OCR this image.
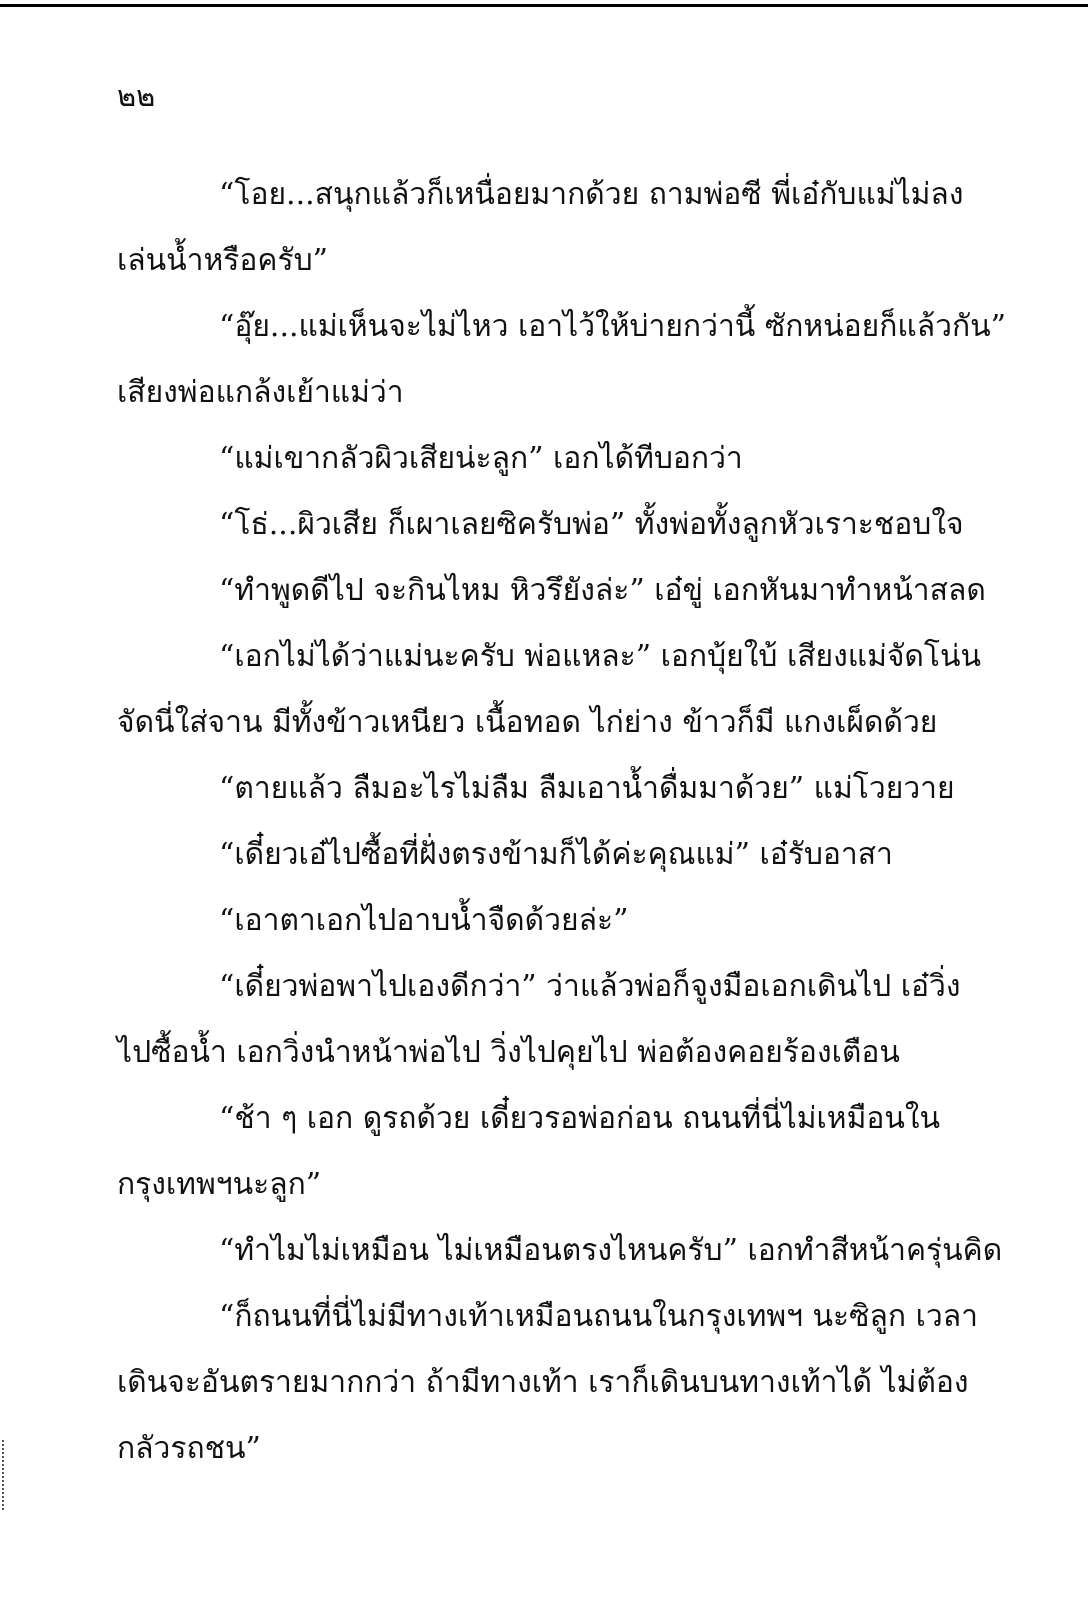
๒๒

“โอย...สนุกแล้วก็เหนื่อยมากด้วย ถามพ่อซี พี่เอ๋กับแม่ไม่ลง
เล่นน้ำหรือครับ”

“อุ๊ย...แม่เห็นจะไม่ไหว เอาไว้ให้บ่ายกว่านี้ ซักหน่อยก็แล้วกัน”
เสียงพ่อแกล้งเย้าแม่ว่า

“แม่เขากลัวผิวเสียน่ะลูก” เอกได้ทีบอกว่า

“โธ่...ผิวเสีย ก็เผาเลยซิครับพ่อ” ทั้งพ่อทั้งลูกหัวเราะชอบใจ

“ทำพูดดีไป จะกินไหม หิวรึยังล่ะ” เอ๋ขู่ เอกหันมาทำหน้าสลด

“เอกไม่ได้ว่าแม่นะครับ พ่อแหละ” เอกบุ้ยใบ้ เสียงแม่จัดโน่น
จัดนี่ใส่จาน มีทั้งข้าวเหนียว เนื้อทอด ไก่ย่าง ข้าวก็มี แกงเผ็ดด้วย

“ตายแล้ว ลืมอะไรไม่ลืม ลืมเอาน้ำดื่มมาด้วย” แม่โวยวาย

“เดี๋ยวเอ๋ไปซื้อที่ฝั่งตรงข้ามก็ได้ค่ะคุณแม่” เอ๋รับอาสา

“เอาตาเอกไปอาบน้ำจืดด้วยล่ะ”

“เดี๋ยวพ่อพาไปเองดีกว่า” ว่าแล้วพ่อก็จูงมือเอกเดินไป เอ๋วิ่ง
ไปซื้อน้ำ เอกวิ่งนำหน้าพ่อไป วิ่งไปคุยไป พ่อต้องคอยร้องเตือน

“ช้า ๆ เอก ดูรถด้วย เดี๋ยวรอพ่อก่อน ถนนที่นี่ไม่เหมือนใน
กรุงเทพฯนะลูก”

“ทำไมไม่เหมือน ไม่เหมือนตรงไหนครับ” เอกทำสีหน้าครุ่นคิด

“ก็ถนนที่นี่ไม่มีทางเท้าเหมือนถนนในกรุงเทพฯ นะซิลูก เวลา
เดินจะอันตรายมากกว่า ถ้ามีทางเท้า เราก็เดินบนทางเท้าได้ ไม่ต้อง
กลัวรถชน”
